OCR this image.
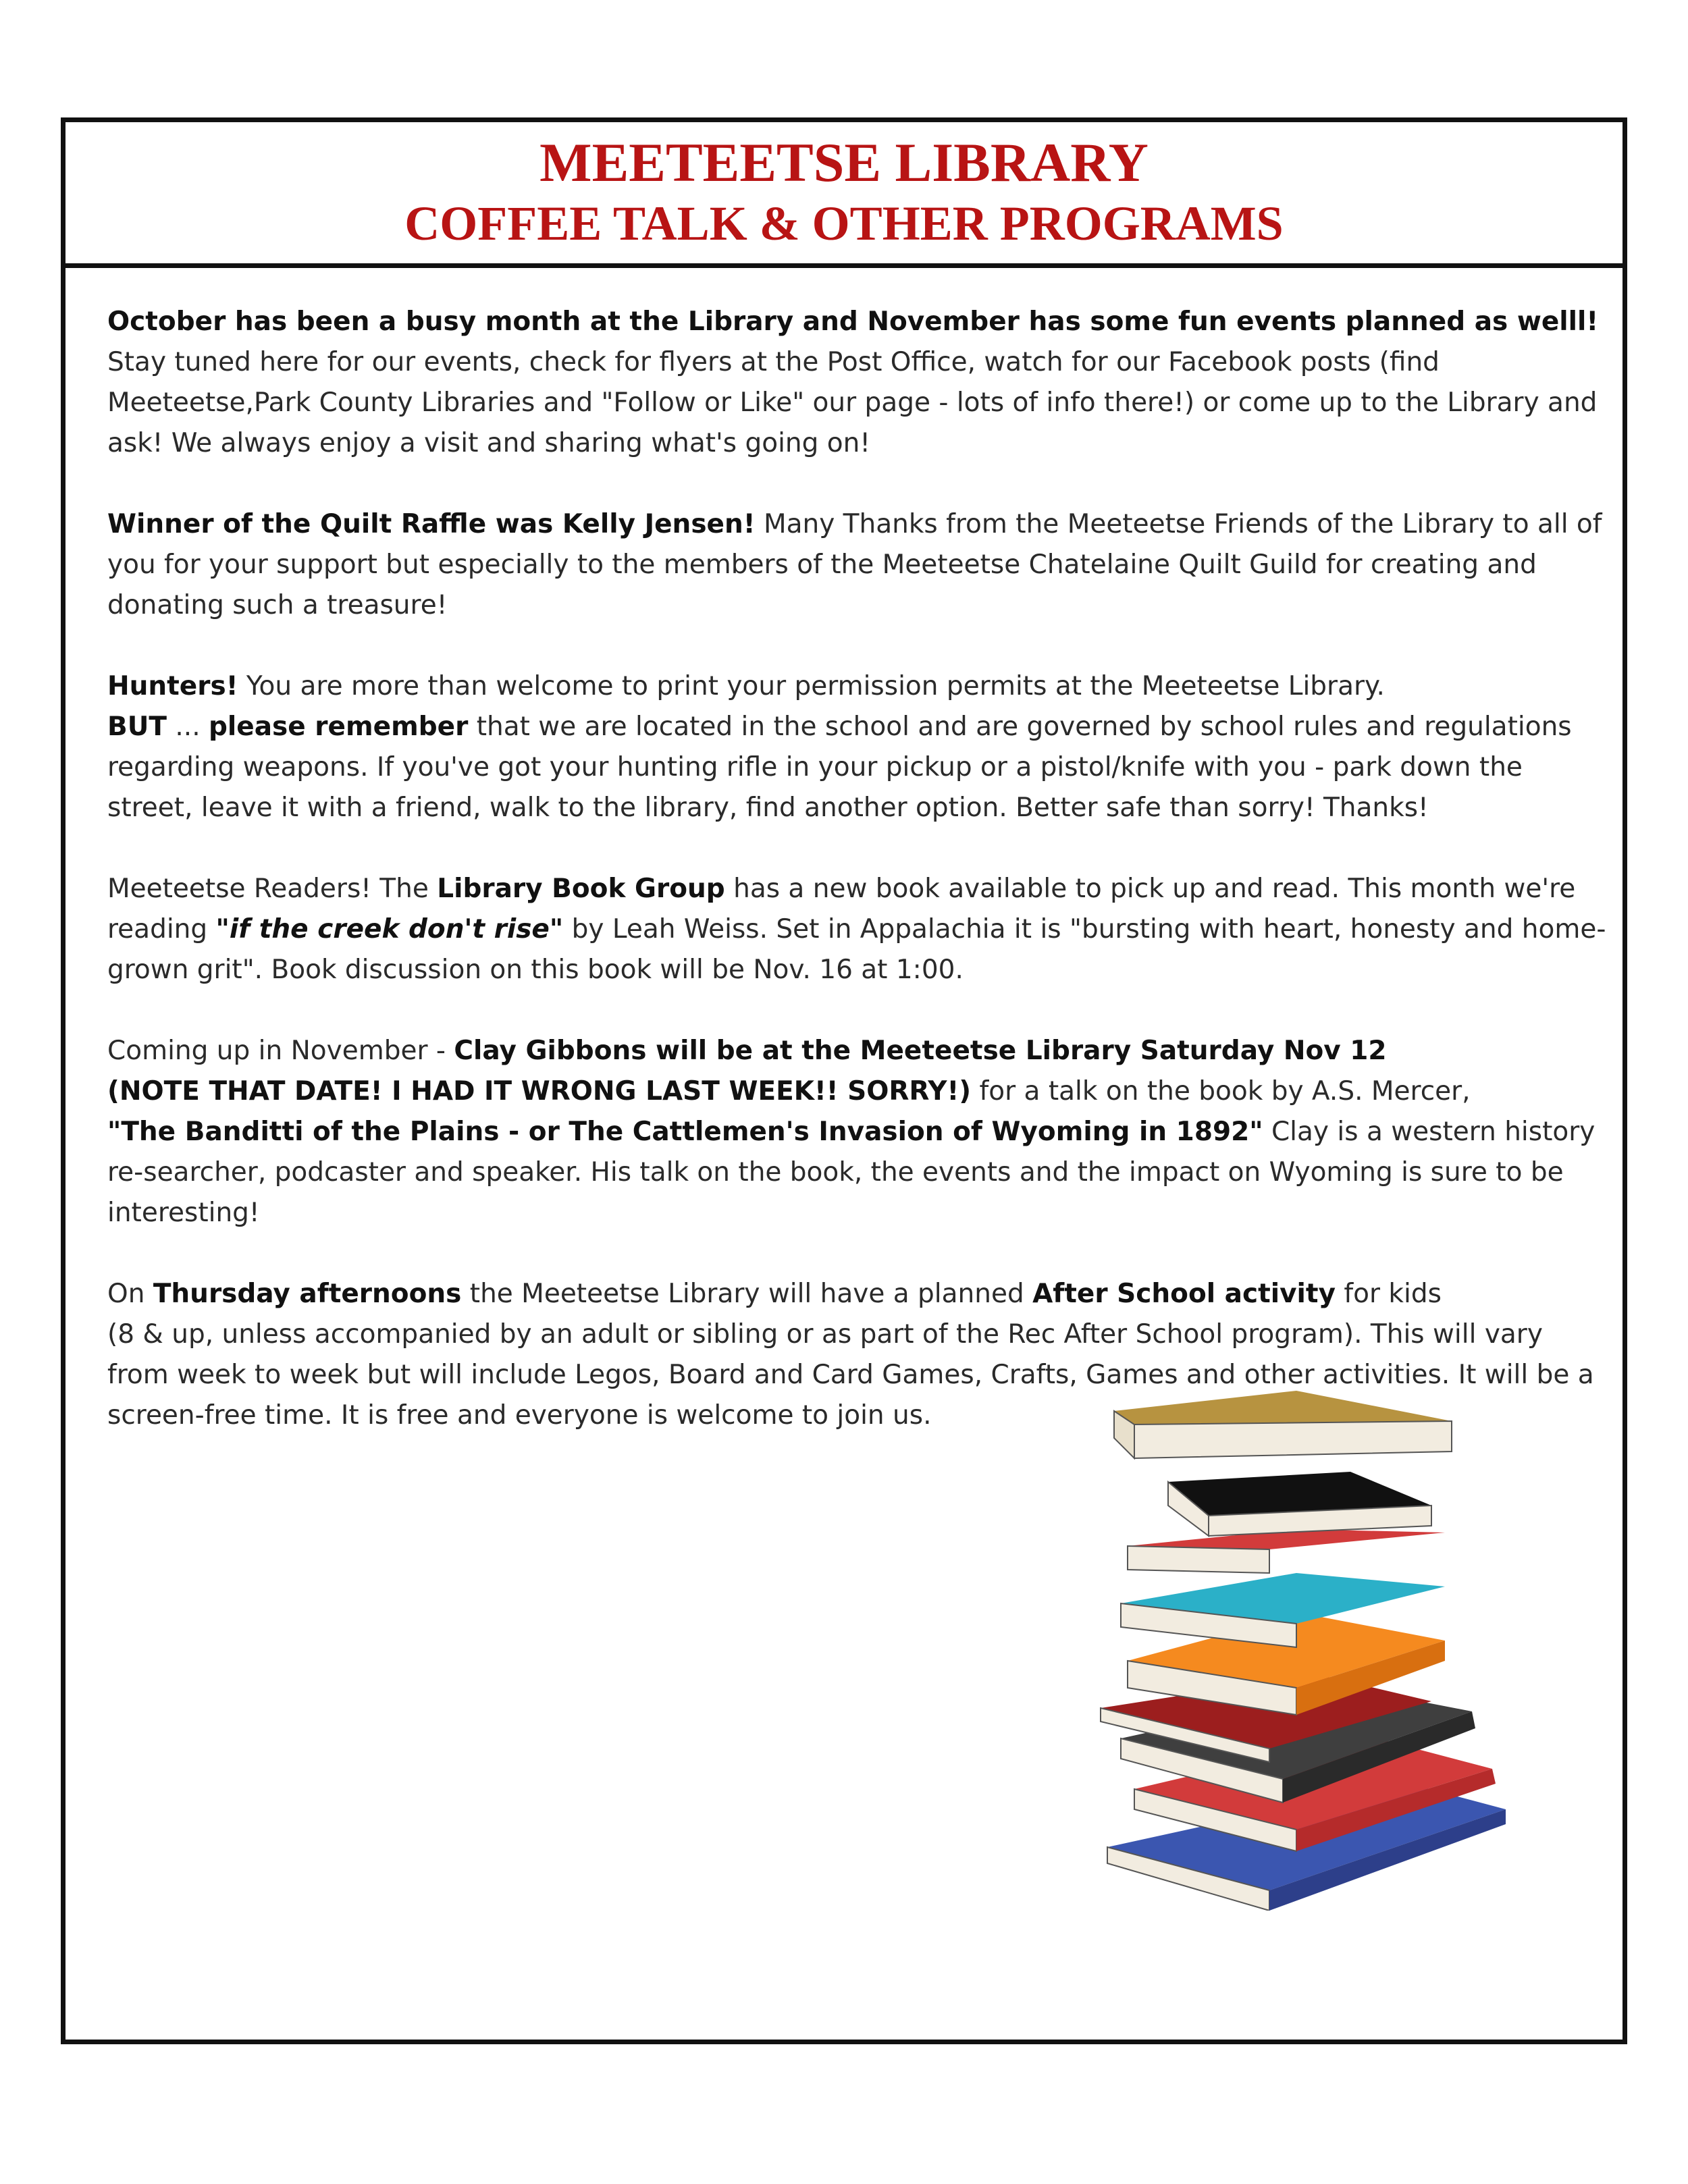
MEETEETSE LIBRARY
COFFEE TALK & OTHER PROGRAMS

October has been a busy month at the Library and November has some fun events planned as welll! Stay tuned here for our events, check for flyers at the Post Office, watch for our Facebook posts (find Meeteetse,Park County Libraries and "Follow or Like" our page - lots of info there!) or come up to the Library and ask! We always enjoy a visit and sharing what's going on!

Winner of the Quilt Raffle was Kelly Jensen! Many Thanks from the Meeteetse Friends of the Library to all of you for your support but especially to the members of the Meeteetse Chatelaine Quilt Guild for creating and donating such a treasure!

Hunters! You are more than welcome to print your permission permits at the Meeteetse Library.
BUT ... please remember that we are located in the school and are governed by school rules and regulations regarding weapons. If you've got your hunting rifle in your pickup or a pistol/knife with you - park down the street, leave it with a friend, walk to the library, find another option. Better safe than sorry! Thanks!

Meeteetse Readers! The Library Book Group has a new book available to pick up and read. This month we're reading "if the creek don't rise" by Leah Weiss. Set in Appalachia it is "bursting with heart, honesty and home-grown grit". Book discussion on this book will be Nov. 16 at 1:00.

Coming up in November - Clay Gibbons will be at the Meeteetse Library Saturday Nov 12
(NOTE THAT DATE! I HAD IT WRONG LAST WEEK!! SORRY!) for a talk on the book by A.S. Mercer,
"The Banditti of the Plains - or The Cattlemen's Invasion of Wyoming in 1892" Clay is a western history re-searcher, podcaster and speaker. His talk on the book, the events and the impact on Wyoming is sure to be interesting!

On Thursday afternoons the Meeteetse Library will have a planned After School activity for kids
(8 & up, unless accompanied by an adult or sibling or as part of the Rec After School program). This will vary from week to week but will include Legos, Board and Card Games, Crafts, Games and other activities. It will be a screen-free time. It is free and everyone is welcome to join us.
